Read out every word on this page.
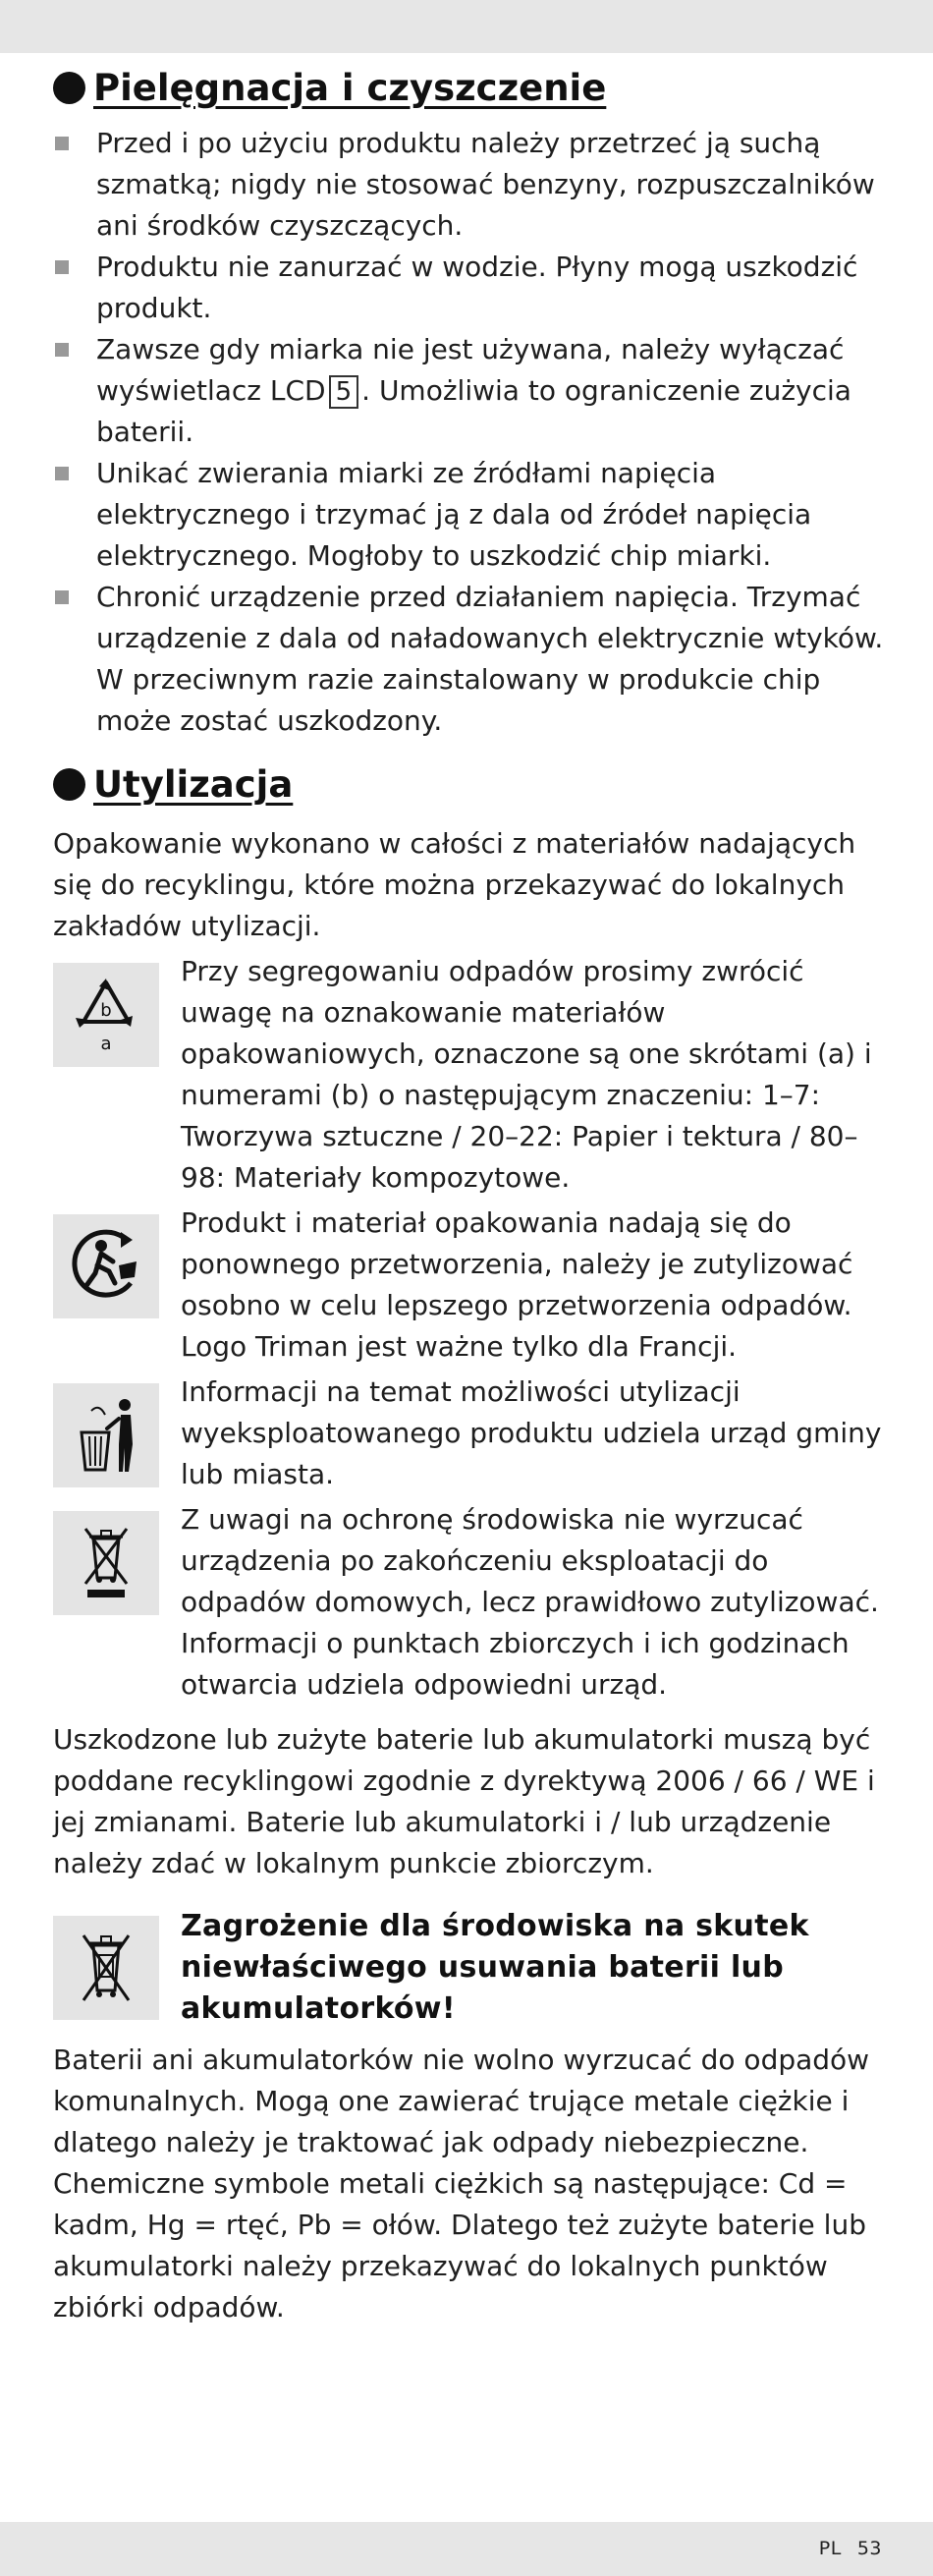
Pielęgnacja i czyszczenie
Przed i po użyciu produktu należy przetrzeć ją suchą szmatką; nigdy nie stosować benzyny, rozpuszczalników ani środków czyszczących.
Produktu nie zanurzać w wodzie. Płyny mogą uszkodzić produkt.
Zawsze gdy miarka nie jest używana, należy wyłączać wyświetlacz LCD 5 . Umożliwia to ograniczenie zużycia baterii.
Unikać zwierania miarki ze źródłami napięcia elektrycznego i trzymać ją z dala od źródeł napięcia elektrycznego. Mogłoby to uszkodzić chip miarki.
Chronić urządzenie przed działaniem napięcia. Trzymać urządzenie z dala od naładowanych elektrycznie wtyków. W przeciwnym razie zainstalowany w produkcie chip może zostać uszkodzony.
Utylizacja

Opakowanie wykonano w całości z materiałów nadających się do recyklingu, które można przekazywać do lokalnych zakładów utylizacji.

b
a

Przy segregowaniu odpadów prosimy zwrócić uwagę na oznakowanie materiałów opakowaniowych, oznaczone są one skrótami (a) i numerami (b) o następującym znaczeniu: 1–7: Tworzywa sztuczne / 20–22: Papier i tektura / 80–98: Materiały kompozytowe.

Produkt i materiał opakowania nadają się do ponownego przetworzenia, należy je zutylizować osobno w celu lepszego przetworzenia odpadów. Logo Triman jest ważne tylko dla Francji.

Informacji na temat możliwości utylizacji wyeksploatowanego produktu udziela urząd gminy lub miasta.

Z uwagi na ochronę środowiska nie wyrzucać urządzenia po zakończeniu eksploatacji do odpadów domowych, lecz prawidłowo zutylizować. Informacji o punktach zbiorczych i ich godzinach otwarcia udziela odpowiedni urząd.

Uszkodzone lub zużyte baterie lub akumulatorki muszą być poddane recyklingowi zgodnie z dyrektywą 2006 / 66 / WE i jej zmianami. Baterie lub akumulatorki i / lub urządzenie należy zdać w lokalnym punkcie zbiorczym.

Zagrożenie dla środowiska na skutek niewłaściwego usuwania baterii lub akumulatorków!

Baterii ani akumulatorków nie wolno wyrzucać do odpadów komunalnych. Mogą one zawierać trujące metale ciężkie i dlatego należy je traktować jak odpady niebezpieczne. Chemiczne symbole metali ciężkich są następujące: Cd = kadm, Hg = rtęć, Pb = ołów. Dlatego też zużyte baterie lub akumulatorki należy przekazywać do lokalnych punktów zbiórki odpadów.

PL 53
